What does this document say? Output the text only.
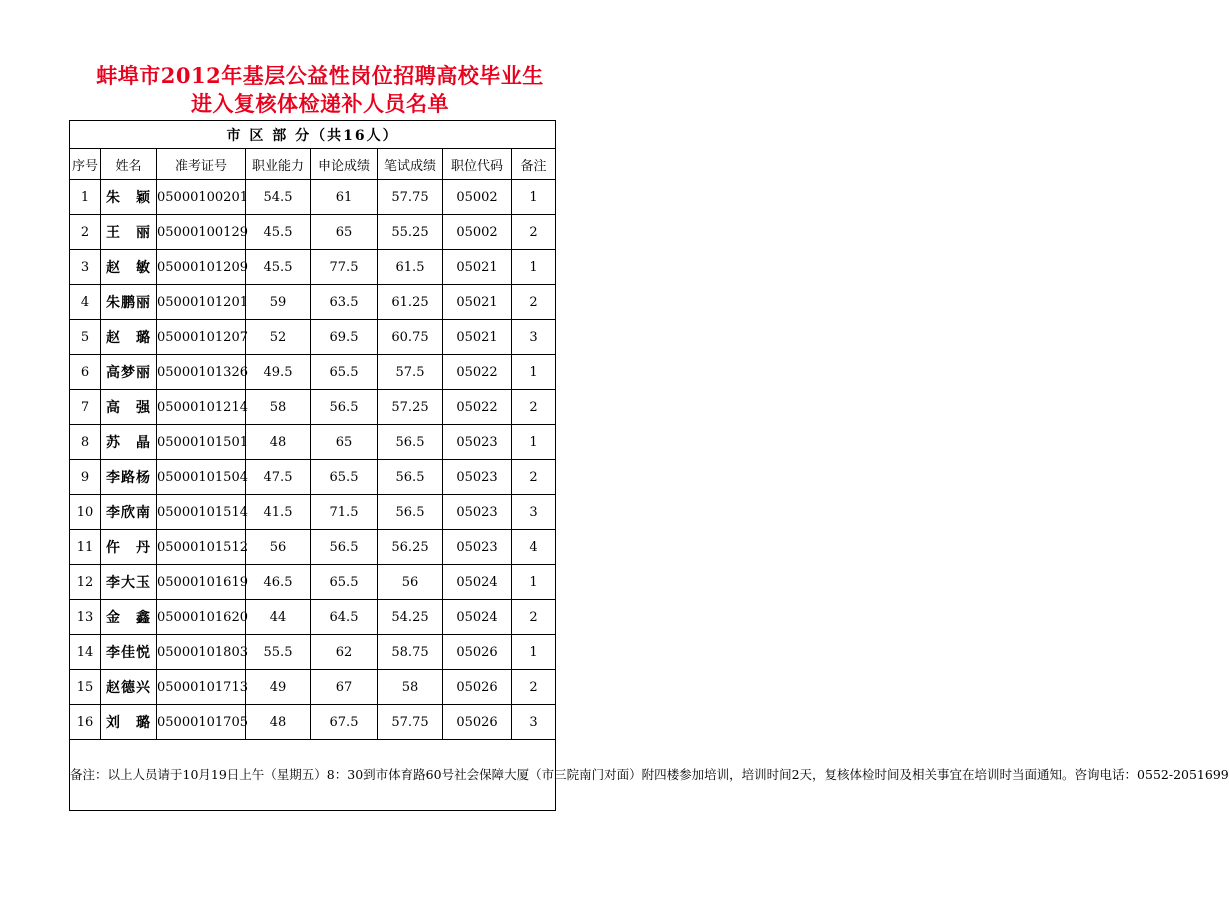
蚌埠市2012年基层公益性岗位招聘高校毕业生
进入复核体检递补人员名单
市 区 部 分（共16人）							
序号	姓名	准考证号	职业能力	申论成绩	笔试成绩	职位代码	备注
1	朱　颖	05000100201	54.5	61	57.75	05002	1
2	王　丽	05000100129	45.5	65	55.25	05002	2
3	赵　敏	05000101209	45.5	77.5	61.5	05021	1
4	朱鹏丽	05000101201	59	63.5	61.25	05021	2
5	赵　璐	05000101207	52	69.5	60.75	05021	3
6	高梦丽	05000101326	49.5	65.5	57.5	05022	1
7	高　强	05000101214	58	56.5	57.25	05022	2
8	苏　晶	05000101501	48	65	56.5	05023	1
9	李路杨	05000101504	47.5	65.5	56.5	05023	2
10	李欣南	05000101514	41.5	71.5	56.5	05023	3
11	仵　丹	05000101512	56	56.5	56.25	05023	4
12	李大玉	05000101619	46.5	65.5	56	05024	1
13	金　鑫	05000101620	44	64.5	54.25	05024	2
14	李佳悦	05000101803	55.5	62	58.75	05026	1
15	赵德兴	05000101713	49	67	58	05026	2
16	刘　璐	05000101705	48	67.5	57.75	05026	3
备注：以上人员请于10月19日上午（星期五）8：30到市体育路60号社会保障大厦（市三院南门对面）附四楼参加培训，培训时间2天，复核体检时间及相关事宜在培训时当面通知。咨询电话：0552-2051699							
